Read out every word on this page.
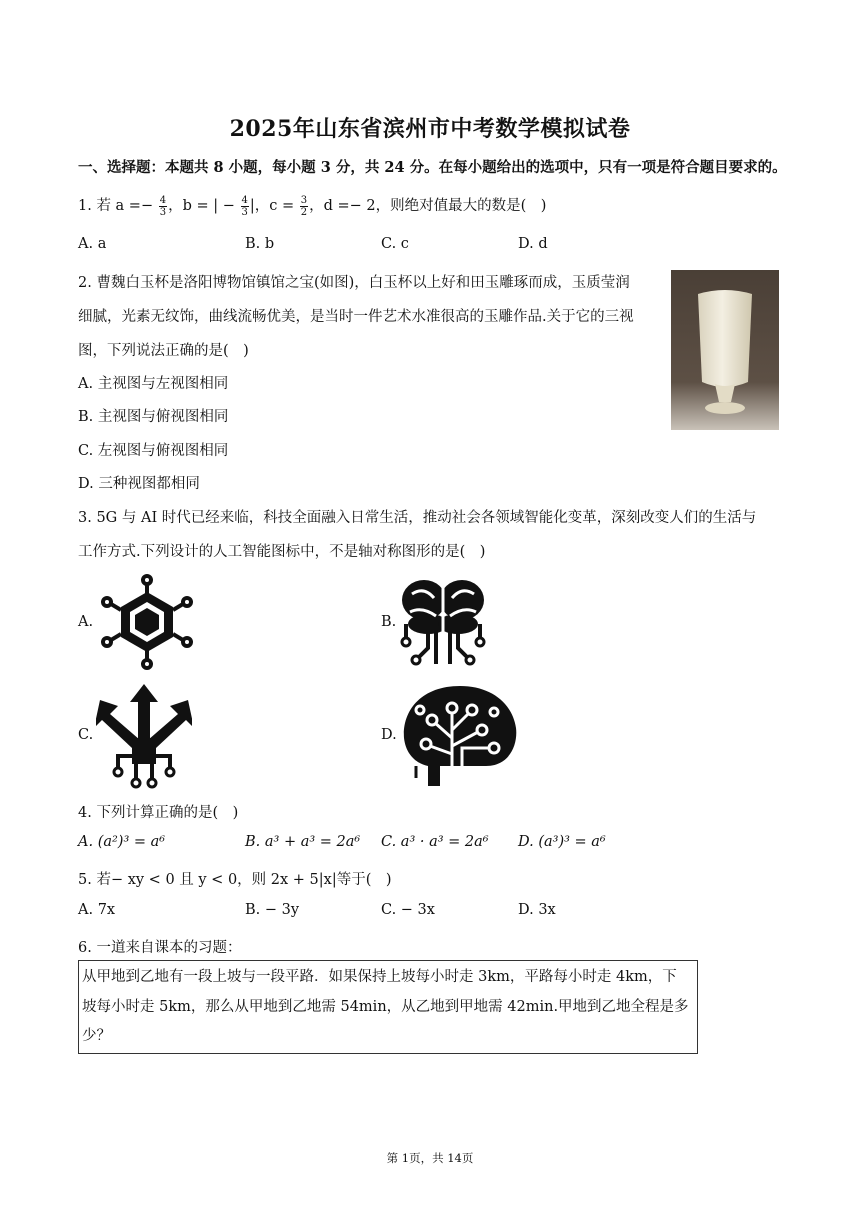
2025年山东省滨州市中考数学模拟试卷
一、选择题：本题共 8 小题，每小题 3 分，共 24 分。在每小题给出的选项中，只有一项是符合题目要求的。
1. 若 $a =- \frac{4}{3}$ ，b = | − $\frac{4}{3}$ |，$c = \frac{3}{2}$ ，d =− 2，则绝对值最大的数是(　)
A. a	B. b	C. c	D. d
2. 曹魏白玉杯是洛阳博物馆镇馆之宝(如图)，白玉杯以上好和田玉雕琢而成，玉质莹润
细腻，光素无纹饰，曲线流畅优美，是当时一件艺术水准很高的玉雕作品.关于它的三视
图，下列说法正确的是(　)
A. 主视图与左视图相同
B. 主视图与俯视图相同
C. 左视图与俯视图相同
D. 三种视图都相同
3. 5G 与 AI 时代已经来临，科技全面融入日常生活，推动社会各领域智能化变革，深刻改变人们的生活与
工作方式.下列设计的人工智能图标中，不是轴对称图形的是(　)
A.	B.
C.	D.
4. 下列计算正确的是(　)
A. (a²)³ = a⁶	B. a³ + a³ = 2a⁶ C. a³ · a³ = 2a⁶ D. (a³)³ = a⁶
5. 若− xy < 0 且 y < 0，则 2x + 5|x|等于(　)
A. 7x	B. − 3y	C. − 3x	D. 3x
6. 一道来自课本的习题：
从甲地到乙地有一段上坡与一段平路．如果保持上坡每小时走 3km，平路每小时走 4km，下
坡每小时走 5km，那么从甲地到乙地需 54min，从乙地到甲地需 42min.甲地到乙地全程是多
少？
第 1页，共 14页
